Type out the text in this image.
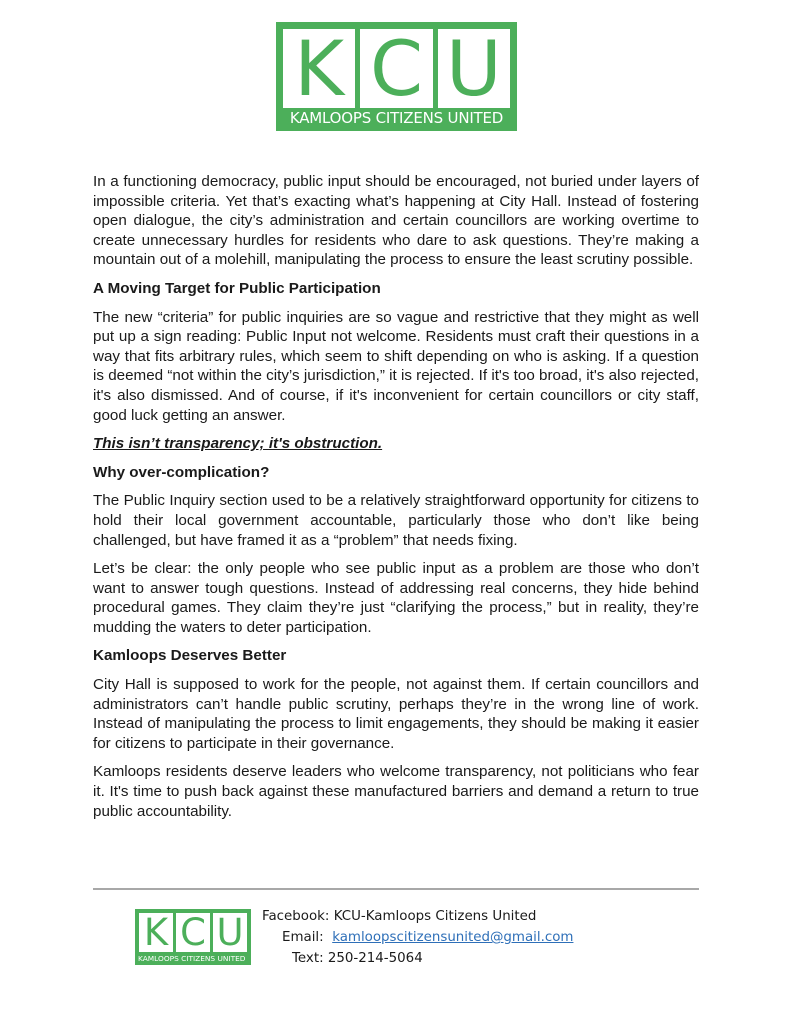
K C U
KAMLOOPS CITIZENS UNITED

In a functioning democracy, public input should be encouraged, not buried under layers of impossible criteria. Yet that’s exacting what’s happening at City Hall. Instead of fostering open dialogue, the city’s administration and certain councillors are working overtime to create unnecessary hurdles for residents who dare to ask questions. They’re making a mountain out of a molehill, manipulating the process to ensure the least scrutiny possible.

A Moving Target for Public Participation

The new “criteria” for public inquiries are so vague and restrictive that they might as well put up a sign reading: Public Input not welcome. Residents must craft their questions in a way that fits arbitrary rules, which seem to shift depending on who is asking. If a question is deemed “not within the city’s jurisdiction,” it is rejected. If it's too broad, it's also rejected, it's also dismissed. And of course, if it's inconvenient for certain councillors or city staff, good luck getting an answer.

This isn’t transparency; it's obstruction.
Why over-complication?

The Public Inquiry section used to be a relatively straightforward opportunity for citizens to hold their local government accountable, particularly those who don’t like being challenged, but have framed it as a “problem” that needs fixing.

Let’s be clear: the only people who see public input as a problem are those who don’t want to answer tough questions. Instead of addressing real concerns, they hide behind procedural games. They claim they’re just “clarifying the process,” but in reality, they’re mudding the waters to deter participation.

Kamloops Deserves Better

City Hall is supposed to work for the people, not against them. If certain councillors and administrators can’t handle public scrutiny, perhaps they’re in the wrong line of work. Instead of manipulating the process to limit engagements, they should be making it easier for citizens to participate in their governance.

Kamloops residents deserve leaders who welcome transparency, not politicians who fear it. It's time to push back against these manufactured barriers and demand a return to true public accountability.

K C U
KAMLOOPS CITIZENS UNITED
Facebook: KCU-Kamloops Citizens United
Email: kamloopscitizensunited@gmail.com
Text: 250-214-5064
